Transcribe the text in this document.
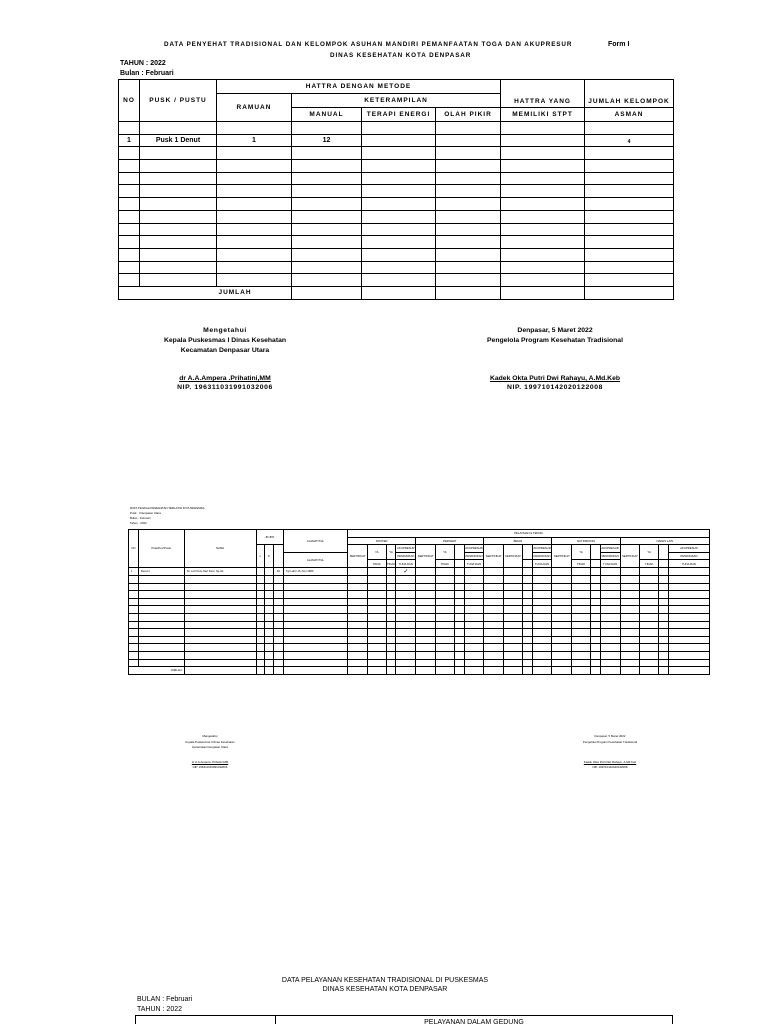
DATA PENYEHAT TRADISIONAL DAN KELOMPOK ASUHAN MANDIRI PEMANFAATAN TOGA DAN AKUPRESUR	Form I
DINAS KESEHATAN KOTA DENPASAR
TAHUN : 2022
Bulan : Februari
NO	PUSK / PUSTU	HATTRA DENGAN METODE				HATTRA YANG	JUMLAH KELOMPOK
		RAMUAN	KETERAMPILAN				
			MANUAL	TERAPI ENERGI	OLAH PIKIR	MEMILIKI STPT	ASMAN

1	Pusk 1 Denut	1	12				4

JUMLAH							
Mengetahui
Kepala Puskesmas I Dinas Kesehatan
Kecamatan Denpasar Utara
dr A.A.Ampera .Prihatini,MM
NIP. 196311031991032006
Denpasar, 5 Maret 2022
Pengelola Program Kesehatan Tradisional
Kadek Okta Putri Dwi Rahayu, A.Md.Keb
NIP. 199710142020122008
DATA TENAGA KESEHATAN TERLATIH DI PUSKESMAS
Pusk : I Denpasar Utara
Bulan : Februari
Tahun : 2022
NO	Pusk/Kec/Pustu	NAMA	JK/JKP			ALAMAT/TGL	PELATIHAN & TEKNIK																			
							DOKTER				PERAWAT				BIDAN				NUTRISIONIS				NAKES LAIN			
			L	P			SERTIFIKAT	YA	YA	AKUPRESUR	SERTIFIKAT	YA		AKUPRESUR	SERTIFIKAT	SERTIFIKAT		AKUPRESUR	SERTIFIKAT	YA		AKUPRESUR	SERTIFIKAT	YA		AKUPRESUR
						ALAMAT/TGL				PENDIDIKAN				PENDIDIKAN				PENDIDIKAN				PENDIDIKAN				PENDIDIKAN
								TIDAK	TIDAK	TUNA DAN		TIDAK		TUNA DAN				TUNA DAN		TIDAK		TUNA DAN		TIDAK		TUNA DAN
1	Denut I	Dr. Luh Putu Sari Devi, Sp.Ak			40	Tgl Lahir 15 Juni 1980				✓																

JUMLAH																										
Mengetahui
Kepala Puskesmas I Dinas Kesehatan
Kecamatan Denpasar Utara
dr A.A.Ampera .Prihatini,MM
NIP. 196311031991032006
Denpasar, 5 Maret 2022
Pengelola Program Kesehatan Tradisional
Kadek Okta Putri Dwi Rahayu, A.Md.Keb
NIP. 199710142020122008
DATA PELAYANAN KESEHATAN TRADISIONAL DI PUSKESMAS
DINAS KESEHATAN KOTA DENPASAR
BULAN : Februari
TAHUN : 2022
	PELAYANAN DALAM GEDUNG
